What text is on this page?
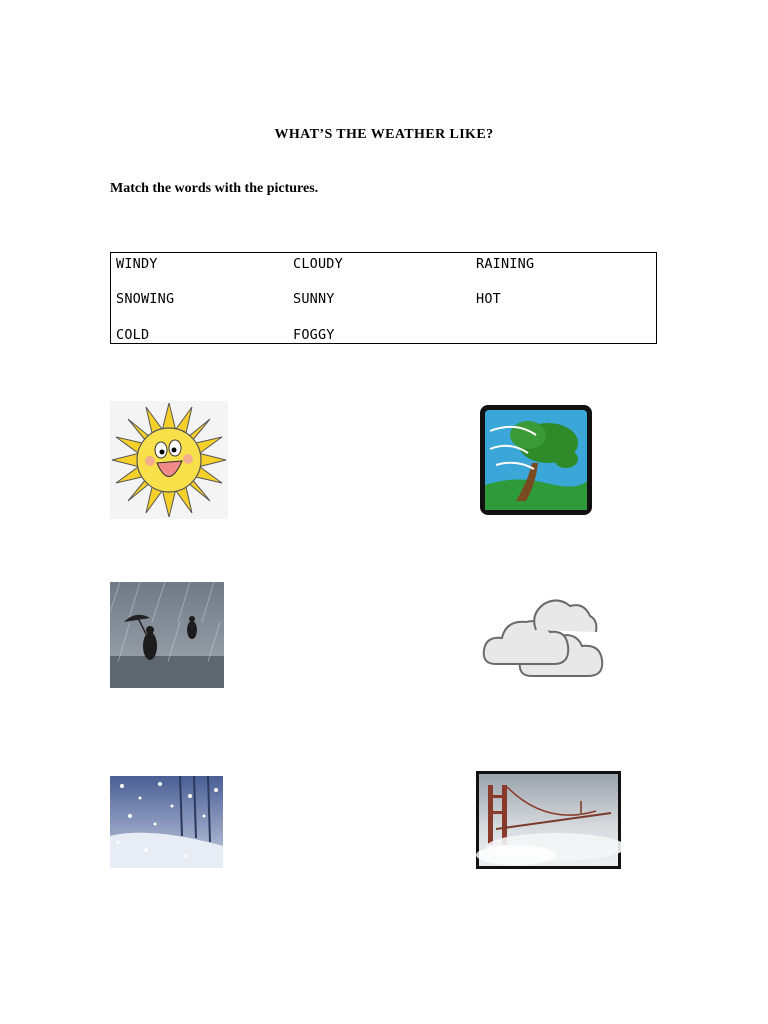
WHAT’S THE WEATHER LIKE?
Match the words with the pictures.
WINDY
SNOWING
COLD
CLOUDY
SUNNY
FOGGY
RAINING
HOT
